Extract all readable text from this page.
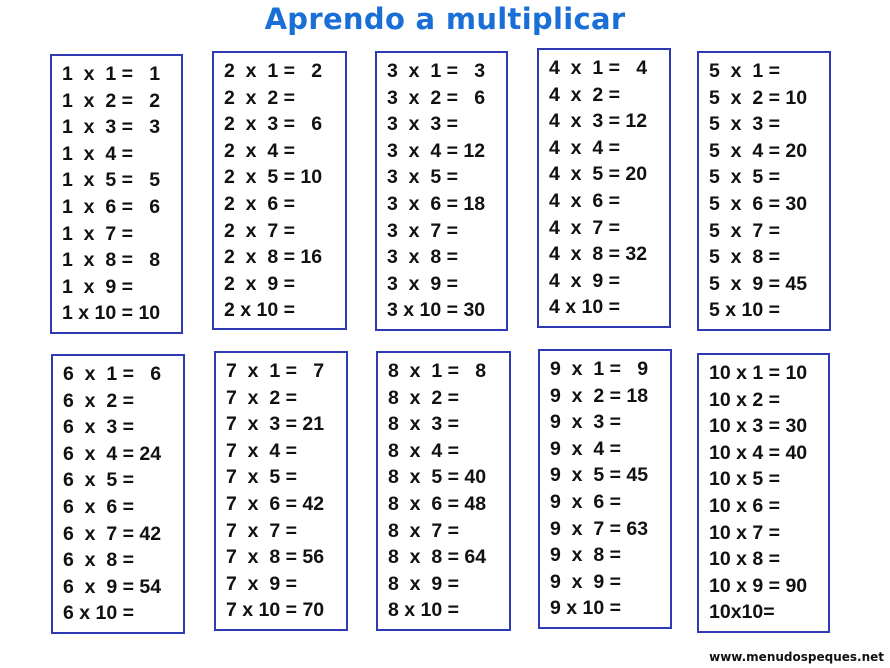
Aprendo a multiplicar
1  x  1 =   1
1  x  2 =   2
1  x  3 =   3
1  x  4 =
1  x  5 =   5
1  x  6 =   6
1  x  7 =
1  x  8 =   8
1  x  9 =
1 x 10 = 10
2  x  1 =   2
2  x  2 =
2  x  3 =   6
2  x  4 =
2  x  5 = 10
2  x  6 =
2  x  7 =
2  x  8 = 16
2  x  9 =
2 x 10 =
3  x  1 =   3
3  x  2 =   6
3  x  3 =
3  x  4 = 12
3  x  5 =
3  x  6 = 18
3  x  7 =
3  x  8 =
3  x  9 =
3 x 10 = 30
4  x  1 =   4
4  x  2 =
4  x  3 = 12
4  x  4 =
4  x  5 = 20
4  x  6 =
4  x  7 =
4  x  8 = 32
4  x  9 =
4 x 10 =
5  x  1 =
5  x  2 = 10
5  x  3 =
5  x  4 = 20
5  x  5 =
5  x  6 = 30
5  x  7 =
5  x  8 =
5  x  9 = 45
5 x 10 =
6  x  1 =   6
6  x  2 =
6  x  3 =
6  x  4 = 24
6  x  5 =
6  x  6 =
6  x  7 = 42
6  x  8 =
6  x  9 = 54
6 x 10 =
7  x  1 =   7
7  x  2 =
7  x  3 = 21
7  x  4 =
7  x  5 =
7  x  6 = 42
7  x  7 =
7  x  8 = 56
7  x  9 =
7 x 10 = 70
8  x  1 =   8
8  x  2 =
8  x  3 =
8  x  4 =
8  x  5 = 40
8  x  6 = 48
8  x  7 =
8  x  8 = 64
8  x  9 =
8 x 10 =
9  x  1 =   9
9  x  2 = 18
9  x  3 =
9  x  4 =
9  x  5 = 45
9  x  6 =
9  x  7 = 63
9  x  8 =
9  x  9 =
9 x 10 =
10 x 1 = 10
10 x 2 =
10 x 3 = 30
10 x 4 = 40
10 x 5 =
10 x 6 =
10 x 7 =
10 x 8 =
10 x 9 = 90
10x10=
www.menudospeques.net
